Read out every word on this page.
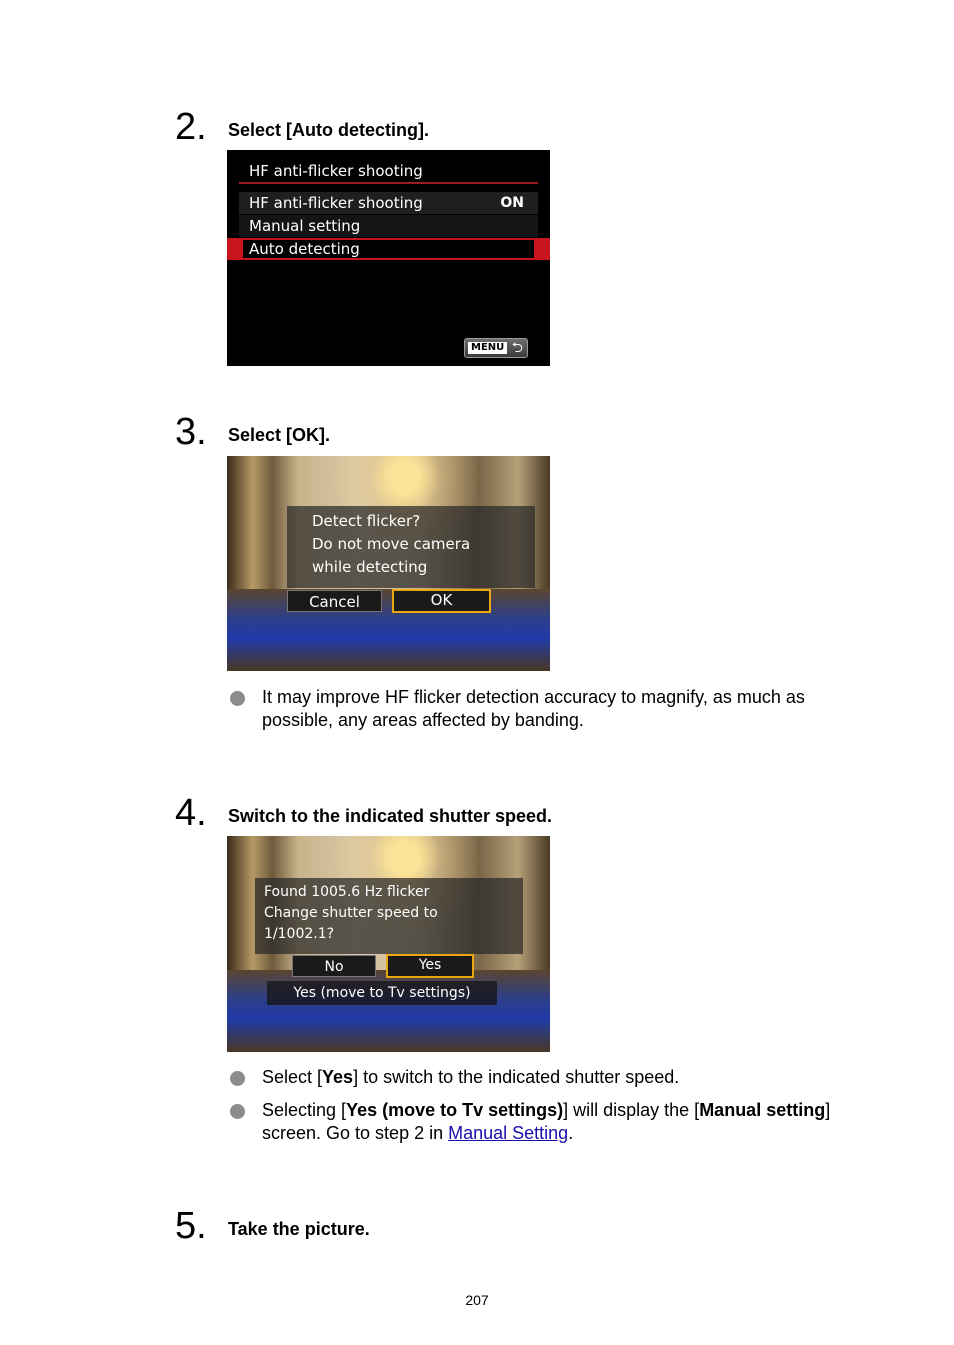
2. Select [Auto detecting].
HF anti-flicker shooting
HF anti-flicker shooting	ON
Manual setting
Auto detecting
MENU ⮌
3. Select [OK].
Detect flicker?
Do not move camera
while detecting
Cancel	OK
It may improve HF flicker detection accuracy to magnify, as much as possible, any areas affected by banding.
4. Switch to the indicated shutter speed.
Found 1005.6 Hz flicker
Change shutter speed to
1/1002.1?
No	Yes
Yes (move to Tv settings)
Select [Yes] to switch to the indicated shutter speed.
Selecting [Yes (move to Tv settings)] will display the [Manual setting] screen. Go to step 2 in Manual Setting.
5. Take the picture.
207
